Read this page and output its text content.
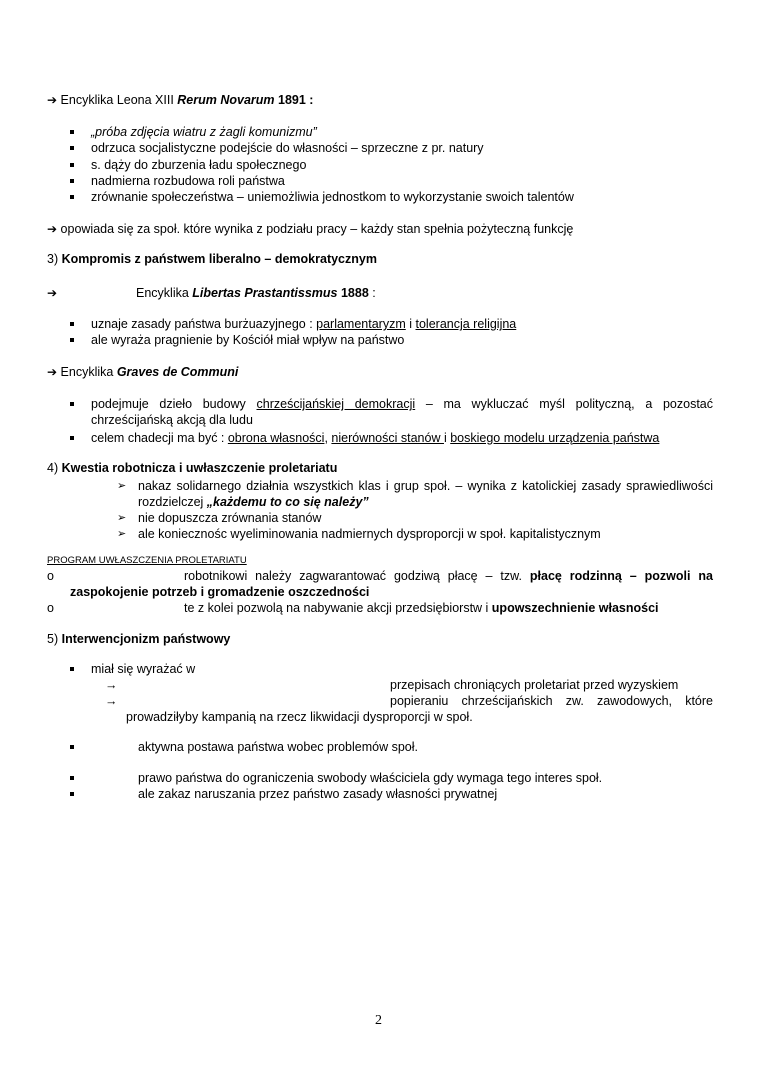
➔ Encyklika Leona XIII Rerum Novarum 1891 :
„próba zdjęcia wiatru z żagli komunizmu”
odrzuca socjalistyczne podejście do własności – sprzeczne z pr. natury
s. dąży do zburzenia ładu społecznego
nadmierna rozbudowa roli państwa
zrównanie społeczeństwa – uniemożliwia jednostkom to wykorzystanie swoich talentów
➔ opowiada się za społ. które wynika z podziału pracy – każdy stan spełnia pożyteczną funkcję
3) Kompromis z państwem liberalno – demokratycznym
➔	Encyklika Libertas Prastantissmus 1888 :
uznaje zasady państwa burżuazyjnego : parlamentaryzm i tolerancja religijna
ale wyraża pragnienie by Kościół miał wpływ na państwo
➔ Encyklika Graves de Communi
podejmuje dzieło budowy chrześcijańskiej demokracji – ma wykluczać myśl polityczną, a pozostać
chrześcijańską akcją dla ludu
celem chadecji ma być : obrona własności, nierówności stanów i boskiego modelu urządzenia państwa
4) Kwestia robotnicza i uwłaszczenie proletariatu
➢ nakaz solidarnego działnia wszystkich klas i grup społ. – wynika z katolickiej zasady sprawiedliwości
rozdzielczej „każdemu to co się należy”
➢ nie dopuszcza zrównania stanów
➢ ale koniecznośc wyeliminowania nadmiernych dysproporcji w społ. kapitalistycznym
PROGRAM UWŁASZCZENIA PROLETARIATU
o	robotnikowi należy zagwarantować godziwą płacę – tzw. płacę rodzinną – pozwoli na
zaspokojenie potrzeb i gromadzenie oszczedności
o	te z kolei pozwolą na nabywanie akcji przedsiębiorstw i upowszechnienie własności
5) Interwencjonizm państwowy
miał się wyrażać w
→	przepisach chroniących proletariat przed wyzyskiem
→	popieraniu chrześcijańskich zw. zawodowych, które
prowadziłyby kampanią na rzecz likwidacji dysproporcji w społ.
aktywna postawa państwa wobec problemów społ.
prawo państwa do ograniczenia swobody właściciela gdy wymaga tego interes społ.
ale zakaz naruszania przez państwo zasady własności prywatnej
2
